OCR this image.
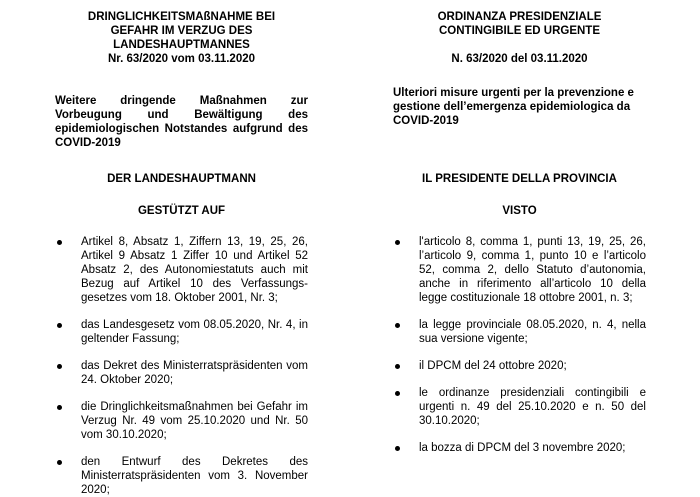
DRINGLICHKEITSMAßNAHME BEI
GEFAHR IM VERZUG DES
LANDESHAUPTMANNES
Nr. 63/2020 vom 03.11.2020
Weitere dringende Maßnahmen zur Vorbeugung und Bewältigung des epidemiologischen Notstandes aufgrund des COVID-2019
DER LANDESHAUPTMANN
GESTÜTZT AUF
Artikel 8, Absatz 1, Ziffern 13, 19, 25, 26, Artikel 9 Absatz 1 Ziffer 10 und Artikel 52 Absatz 2, des Autonomiestatuts auch mit Bezug auf Artikel 10 des Verfassungs-gesetzes vom 18. Oktober 2001, Nr. 3;
das Landesgesetz vom 08.05.2020, Nr. 4, in geltender Fassung;
das Dekret des Ministerratspräsidenten vom 24. Oktober 2020;
die Dringlichkeitsmaßnahmen bei Gefahr im Verzug Nr. 49 vom 25.10.2020 und Nr. 50 vom 30.10.2020;
den Entwurf des Dekretes des Ministerratspräsidenten vom 3. November 2020;
ORDINANZA PRESIDENZIALE
CONTINGIBILE ED URGENTE
N. 63/2020 del 03.11.2020
Ulteriori misure urgenti per la prevenzione e gestione dell’emergenza epidemiologica da COVID-2019
IL PRESIDENTE DELLA PROVINCIA
VISTO
l'articolo 8, comma 1, punti 13, 19, 25, 26, l’articolo 9, comma 1, punto 10 e l’articolo 52, comma 2, dello Statuto d’autonomia, anche in riferimento all’articolo 10 della legge costituzionale 18 ottobre 2001, n. 3;
la legge provinciale 08.05.2020, n. 4, nella sua versione vigente;
il DPCM del 24 ottobre 2020;
le ordinanze presidenziali contingibili e urgenti n. 49 del 25.10.2020 e n. 50 del 30.10.2020;
la bozza di DPCM del 3 novembre 2020;
